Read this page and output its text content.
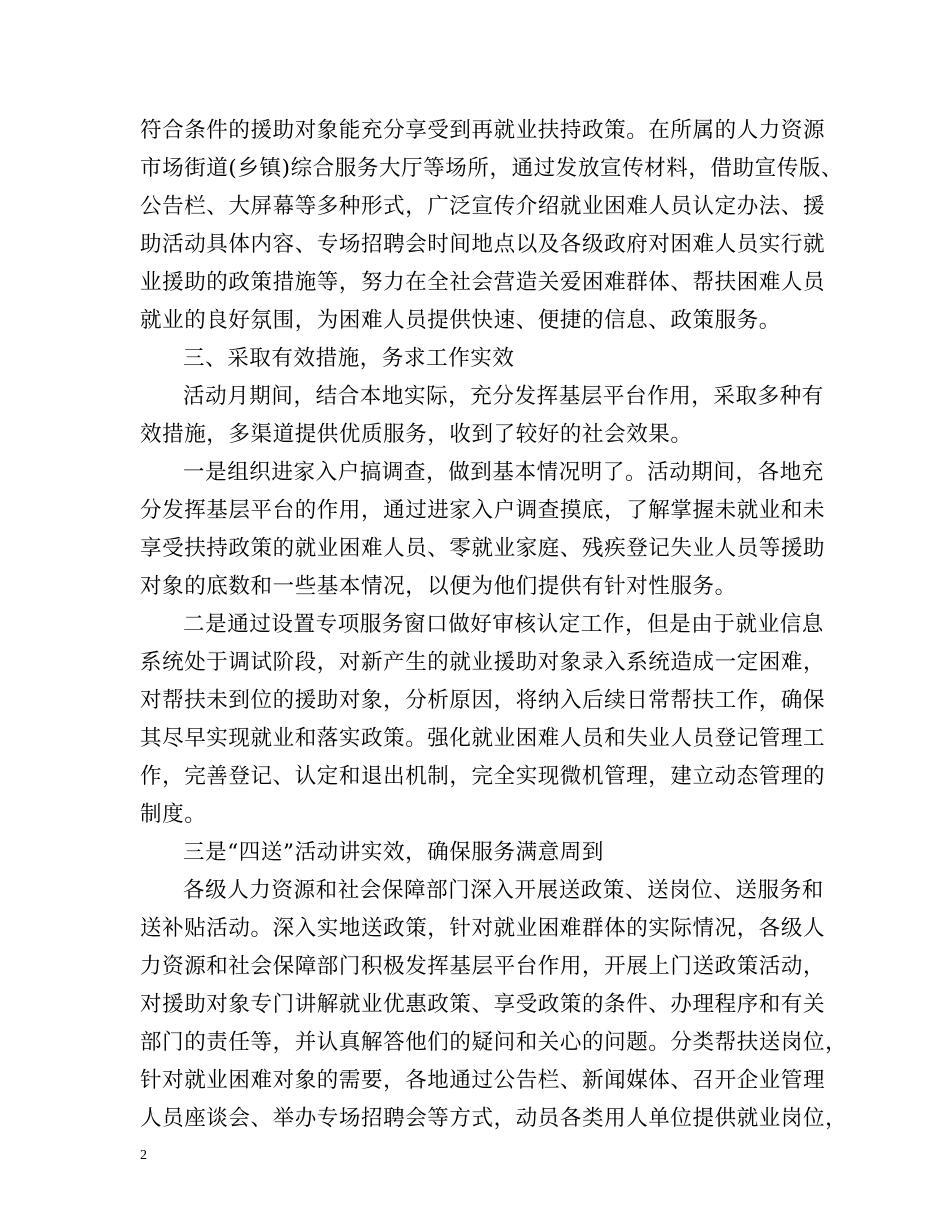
符合条件的援助对象能充分享受到再就业扶持政策。在所属的人力资源
市场街道(乡镇)综合服务大厅等场所，通过发放宣传材料，借助宣传版、
公告栏、大屏幕等多种形式，广泛宣传介绍就业困难人员认定办法、援
助活动具体内容、专场招聘会时间地点以及各级政府对困难人员实行就
业援助的政策措施等，努力在全社会营造关爱困难群体、帮扶困难人员
就业的良好氛围，为困难人员提供快速、便捷的信息、政策服务。
三、采取有效措施，务求工作实效
活动月期间，结合本地实际，充分发挥基层平台作用，采取多种有
效措施，多渠道提供优质服务，收到了较好的社会效果。
一是组织进家入户搞调查，做到基本情况明了。活动期间，各地充
分发挥基层平台的作用，通过进家入户调查摸底，了解掌握未就业和未
享受扶持政策的就业困难人员、零就业家庭、残疾登记失业人员等援助
对象的底数和一些基本情况，以便为他们提供有针对性服务。
二是通过设置专项服务窗口做好审核认定工作，但是由于就业信息
系统处于调试阶段，对新产生的就业援助对象录入系统造成一定困难，
对帮扶未到位的援助对象，分析原因，将纳入后续日常帮扶工作，确保
其尽早实现就业和落实政策。强化就业困难人员和失业人员登记管理工
作，完善登记、认定和退出机制，完全实现微机管理，建立动态管理的
制度。
三是“四送”活动讲实效，确保服务满意周到
各级人力资源和社会保障部门深入开展送政策、送岗位、送服务和
送补贴活动。深入实地送政策，针对就业困难群体的实际情况，各级人
力资源和社会保障部门积极发挥基层平台作用，开展上门送政策活动，
对援助对象专门讲解就业优惠政策、享受政策的条件、办理程序和有关
部门的责任等，并认真解答他们的疑问和关心的问题。分类帮扶送岗位，
针对就业困难对象的需要，各地通过公告栏、新闻媒体、召开企业管理
人员座谈会、举办专场招聘会等方式，动员各类用人单位提供就业岗位，
2
